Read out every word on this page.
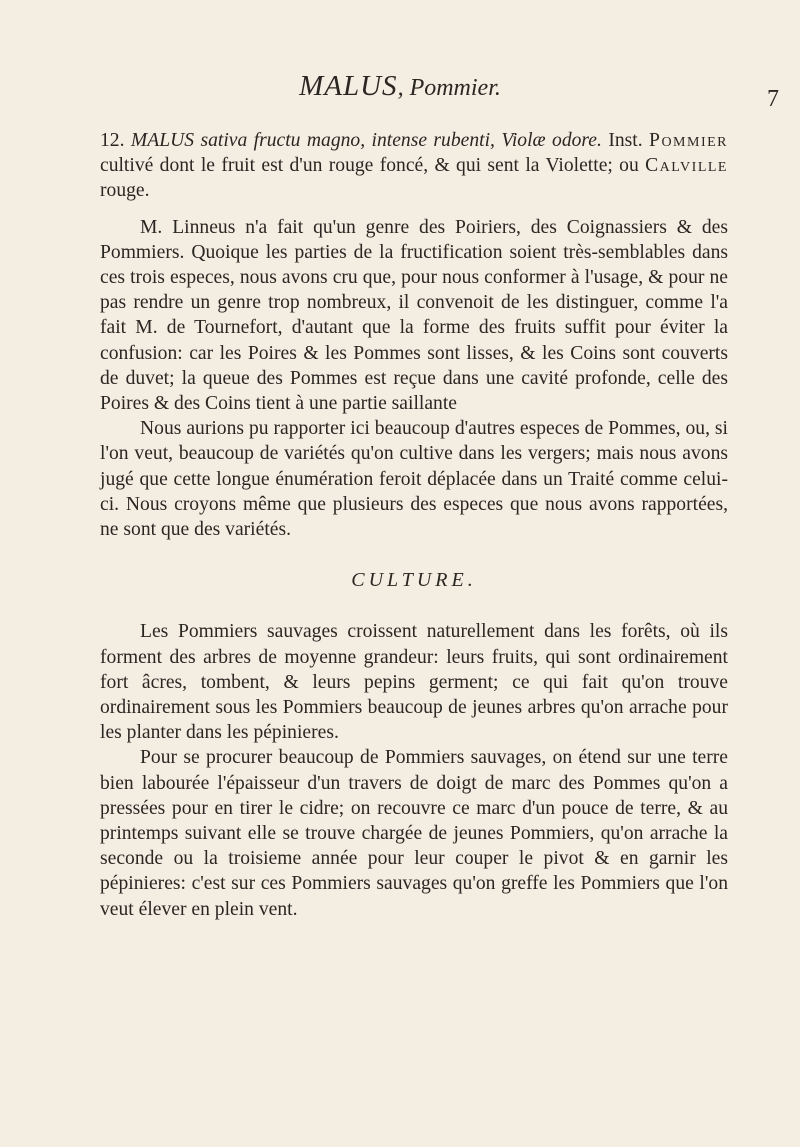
MALUS, Pommier.	7

12. MALUS sativa fructu magno, intense rubenti, Violæ odore. Inst. Pommier cultivé dont le fruit est d'un rouge foncé, & qui sent la Violette; ou Calville rouge.

M. Linneus n'a fait qu'un genre des Poiriers, des Coignassiers & des Pommiers. Quoique les parties de la fructification soient très-semblables dans ces trois especes, nous avons cru que, pour nous conformer à l'usage, & pour ne pas rendre un genre trop nombreux, il convenoit de les distinguer, comme l'a fait M. de Tournefort, d'autant que la forme des fruits suffit pour éviter la confusion: car les Poires & les Pommes sont lisses, & les Coins sont couverts de duvet; la queue des Pommes est reçue dans une cavité profonde, celle des Poires & des Coins tient à une partie saillante

Nous aurions pu rapporter ici beaucoup d'autres especes de Pommes, ou, si l'on veut, beaucoup de variétés qu'on cultive dans les vergers; mais nous avons jugé que cette longue énumération feroit déplacée dans un Traité comme celui-ci. Nous croyons même que plusieurs des especes que nous avons rapportées, ne sont que des variétés.

CULTURE.

Les Pommiers sauvages croissent naturellement dans les forêts, où ils forment des arbres de moyenne grandeur: leurs fruits, qui sont ordinairement fort âcres, tombent, & leurs pepins germent; ce qui fait qu'on trouve ordinairement sous les Pommiers beaucoup de jeunes arbres qu'on arrache pour les planter dans les pépinieres.

Pour se procurer beaucoup de Pommiers sauvages, on étend sur une terre bien labourée l'épaisseur d'un travers de doigt de marc des Pommes qu'on a pressées pour en tirer le cidre; on recouvre ce marc d'un pouce de terre, & au printemps suivant elle se trouve chargée de jeunes Pommiers, qu'on arrache la seconde ou la troisieme année pour leur couper le pivot & en garnir les pépinieres: c'est sur ces Pommiers sauvages qu'on greffe les Pommiers que l'on veut élever en plein vent.
